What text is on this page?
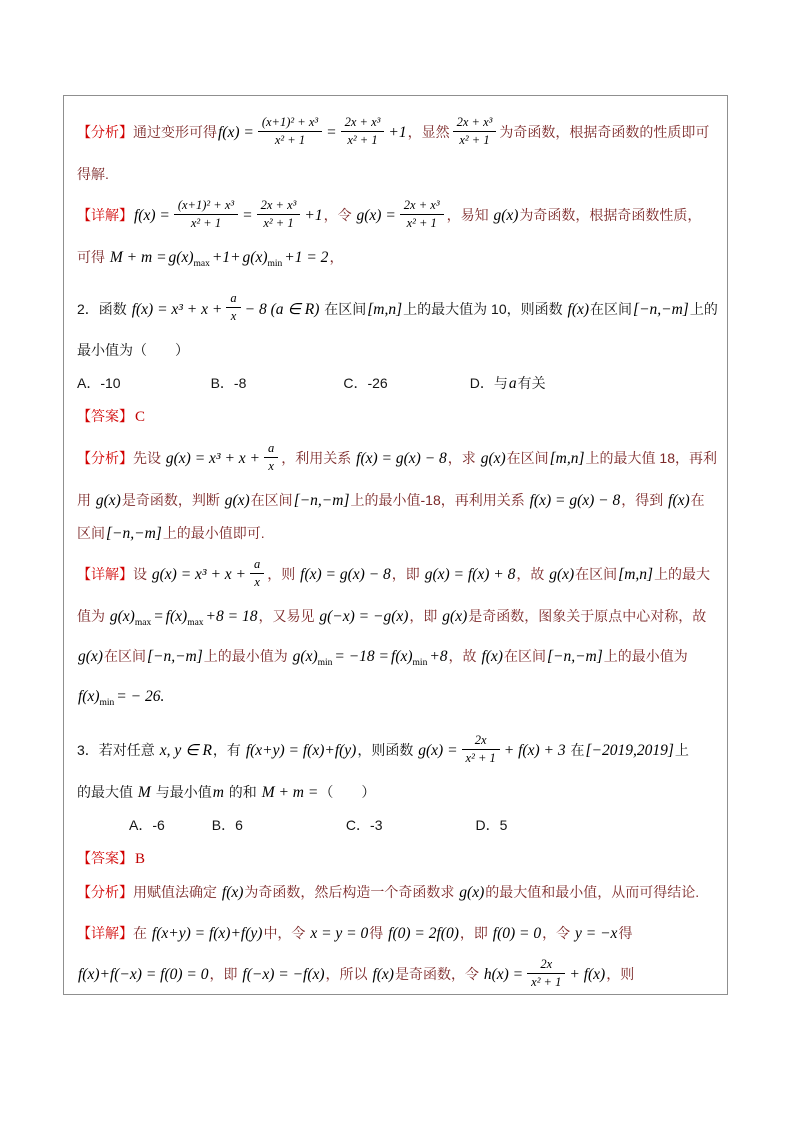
【分析】通过变形可得$f(x) = \frac{\text{(x+1)² + x³}}{\text{x² + 1}} = \frac{\text{2x + x³}}{\text{x² + 1}} +1$，显然 $\frac{\text{2x + x³}}{\text{x² + 1}}$ 为奇函数，根据奇函数的性质即可
得解.
【详解】$f(x) = \frac{\text{(x+1)² + x³}}{\text{x² + 1}} = \frac{\text{2x + x³}}{\text{x² + 1}} +1$，令 $g(x) = \frac{\text{2x + x³}}{\text{x² + 1}}$ ，易知 g(x)为奇函数，根据奇函数性质，
可得 $M + m = g(x)_{max} +1+ g(x)_{min} +1 = 2$，
2．函数 $f(x) = x^3 + x + \frac{a}{x} - 8$ (a ∈ R) 在区间[m,n]上的最大值为 10，则函数 f(x)在区间[−n,−m]上的
最小值为（　　）
A．-10	B．-8	C．-26	D．与a有关
【答案】 C
【分析】先设 $g(x) = x^3 + x + \frac{a}{x}$ ，利用关系 f(x) = g(x) − 8，求 g(x)在区间[m,n]上的最大值 18，再利
用 g(x)是奇函数，判断 g(x)在区间[−n,−m]上的最小值-18，再利用关系 f(x) = g(x) − 8，得到 f(x)在
区间[−n,−m]上的最小值即可.
【详解】设 $g(x) = x^3 + x + \frac{a}{x}$ ，则 f(x) = g(x) − 8，即 g(x) = f(x) + 8，故 g(x)在区间[m,n]上的最大
值为 $g(x)_{max} = f(x)_{max} +8 = 18$，又易见 g(−x) = −g(x)，即 g(x)是奇函数，图象关于原点中心对称，故
g(x)在区间[−n,−m]上的最小值为 $g(x)_{min} = -18 = f(x)_{min} +8$，故 f(x)在区间[−n,−m]上的最小值为
$f(x)_{min}$ = − 26.
3．若对任意 x, y ∈ R，有 f(x+y) = f(x)+f(y)，则函数 $g(x) = \frac{2x}{\text{x² + 1}} + f(x) + 3$ 在[−2019,2019]上
的最大值 M 与最小值m 的和 M + m =（　　）
A．-6	B．6	C．-3	D．5
【答案】 B
【分析】用赋值法确定 f(x)为奇函数，然后构造一个奇函数求 g(x)的最大值和最小值，从而可得结论.
【详解】在 f(x+y) = f(x)+f(y)中，令 x = y = 0得 f(0) = 2f(0)，即 f(0) = 0，令 y = −x得
f(x)+f(−x) = f(0) = 0，即 f(−x) = −f(x)，所以 f(x)是奇函数，令 $h(x) = \frac{2x}{\text{x² + 1}} + f(x)$，则
